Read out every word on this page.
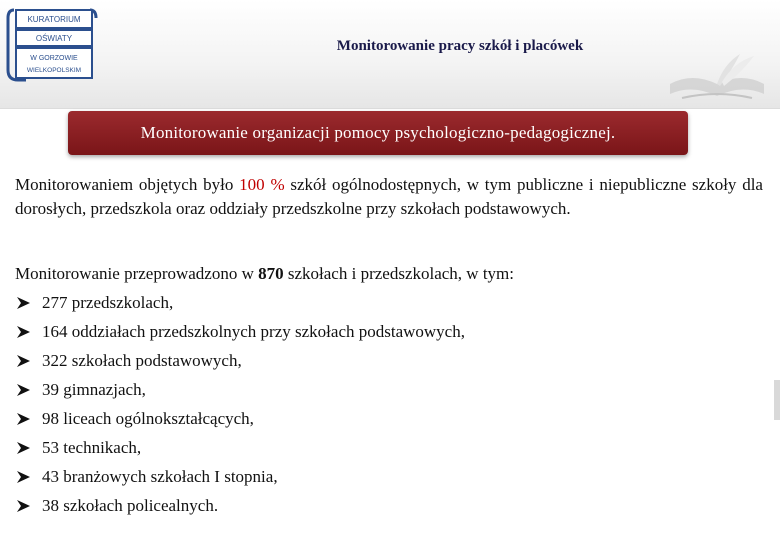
KURATORIUM
OŚWIATY
W GORZOWIE
WIELKOPOLSKIM
Monitorowanie pracy szkół i placówek
Monitorowanie organizacji pomocy psychologiczno-pedagogicznej.
Monitorowaniem objętych było 100 % szkół ogólnodostępnych, w tym publiczne i niepubliczne szkoły dla dorosłych, przedszkola oraz oddziały przedszkolne przy szkołach podstawowych.
Monitorowanie przeprowadzono w 870 szkołach i przedszkolach, w tym:
277 przedszkolach,
164 oddziałach przedszkolnych przy szkołach podstawowych,
322 szkołach podstawowych,
39 gimnazjach,
98 liceach ogólnokształcących,
53 technikach,
43 branżowych szkołach I stopnia,
38 szkołach policealnych.
